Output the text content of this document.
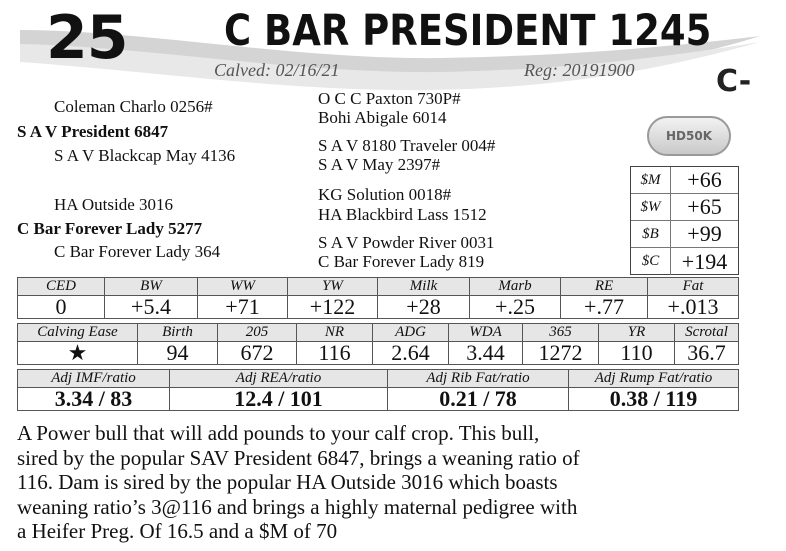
25 C BAR PRESIDENT 1245
Calved: 02/16/21	Reg: 20191900	C-
Coleman Charlo 0256#
S A V President 6847
S A V Blackcap May 4136
HA Outside 3016
C Bar Forever Lady 5277
C Bar Forever Lady 364
O C C Paxton 730P#
Bohi Abigale 6014
S A V 8180 Traveler 004#
S A V May 2397#
KG Solution 0018#
HA Blackbird Lass 1512
S A V Powder River 0031
C Bar Forever Lady 819
HD50K
$M	+66
$W	+65
$B	+99
$C	+194
CED	BW	WW	YW	Milk	Marb	RE	Fat
0	+5.4	+71	+122	+28	+.25	+.77	+.013
Calving Ease	Birth	205	NR	ADG	WDA	365	YR	Scrotal
★	94	672	116	2.64	3.44	1272	110	36.7
Adj IMF/ratio	Adj REA/ratio	Adj Rib Fat/ratio	Adj Rump Fat/ratio
3.34 / 83	12.4 / 101	0.21 / 78	0.38 / 119
A Power bull that will add pounds to your calf crop. This bull,
sired by the popular SAV President 6847, brings a weaning ratio of
116. Dam is sired by the popular HA Outside 3016 which boasts
weaning ratio’s 3@116 and brings a highly maternal pedigree with
a Heifer Preg. Of 16.5 and a $M of 70
